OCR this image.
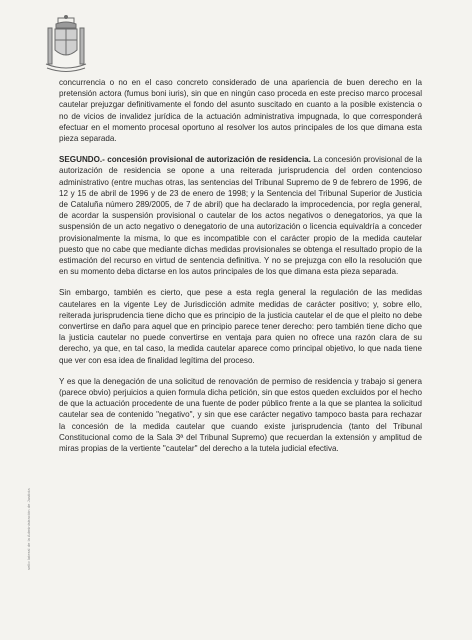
sello lateral de la Administración de Justicia

concurrencia o no en el caso concreto considerado de una apariencia de buen derecho en la pretensión actora (fumus boni iuris), sin que en ningún caso proceda en este preciso marco procesal cautelar prejuzgar definitivamente el fondo del asunto suscitado en cuanto a la posible existencia o no de vicios de invalidez jurídica de la actuación administrativa impugnada, lo que corresponderá efectuar en el momento procesal oportuno al resolver los autos principales de los que dimana esta pieza separada.

SEGUNDO.- concesión provisional de autorización de residencia. La concesión provisional de la autorización de residencia se opone a una reiterada jurisprudencia del orden contencioso administrativo (entre muchas otras, las sentencias del Tribunal Supremo de 9 de febrero de 1996, de 12 y 15 de abril de 1996 y de 23 de enero de 1998; y la Sentencia del Tribunal Superior de Justicia de Cataluña número 289/2005, de 7 de abril) que ha declarado la improcedencia, por regla general, de acordar la suspensión provisional o cautelar de los actos negativos o denegatorios, ya que la suspensión de un acto negativo o denegatorio de una autorización o licencia equivaldría a conceder provisionalmente la misma, lo que es incompatible con el carácter propio de la medida cautelar puesto que no cabe que mediante dichas medidas provisionales se obtenga el resultado propio de la estimación del recurso en virtud de sentencia definitiva. Y no se prejuzga con ello la resolución que en su momento deba dictarse en los autos principales de los que dimana esta pieza separada.

Sin embargo, también es cierto, que pese a esta regla general la regulación de las medidas cautelares en la vigente Ley de Jurisdicción admite medidas de carácter positivo; y, sobre ello, reiterada jurisprudencia tiene dicho que es principio de la justicia cautelar el de que el pleito no debe convertirse en daño para aquel que en principio parece tener derecho: pero también tiene dicho que la justicia cautelar no puede convertirse en ventaja para quien no ofrece una razón clara de su derecho, ya que, en tal caso, la medida cautelar aparece como principal objetivo, lo que nada tiene que ver con esa idea de finalidad legítima del proceso.

Y es que la denegación de una solicitud de renovación de permiso de residencia y trabajo si genera (parece obvio) perjuicios a quien formula dicha petición, sin que estos queden excluidos por el hecho de que la actuación procedente de una fuente de poder público frente a la que se plantea la solicitud cautelar sea de contenido "negativo", y sin que ese carácter negativo tampoco basta para rechazar la concesión de la medida cautelar que cuando existe jurisprudencia (tanto del Tribunal Constitucional como de la Sala 3ª del Tribunal Supremo) que recuerdan la extensión y amplitud de miras propias de la vertiente "cautelar" del derecho a la tutela judicial efectiva.
